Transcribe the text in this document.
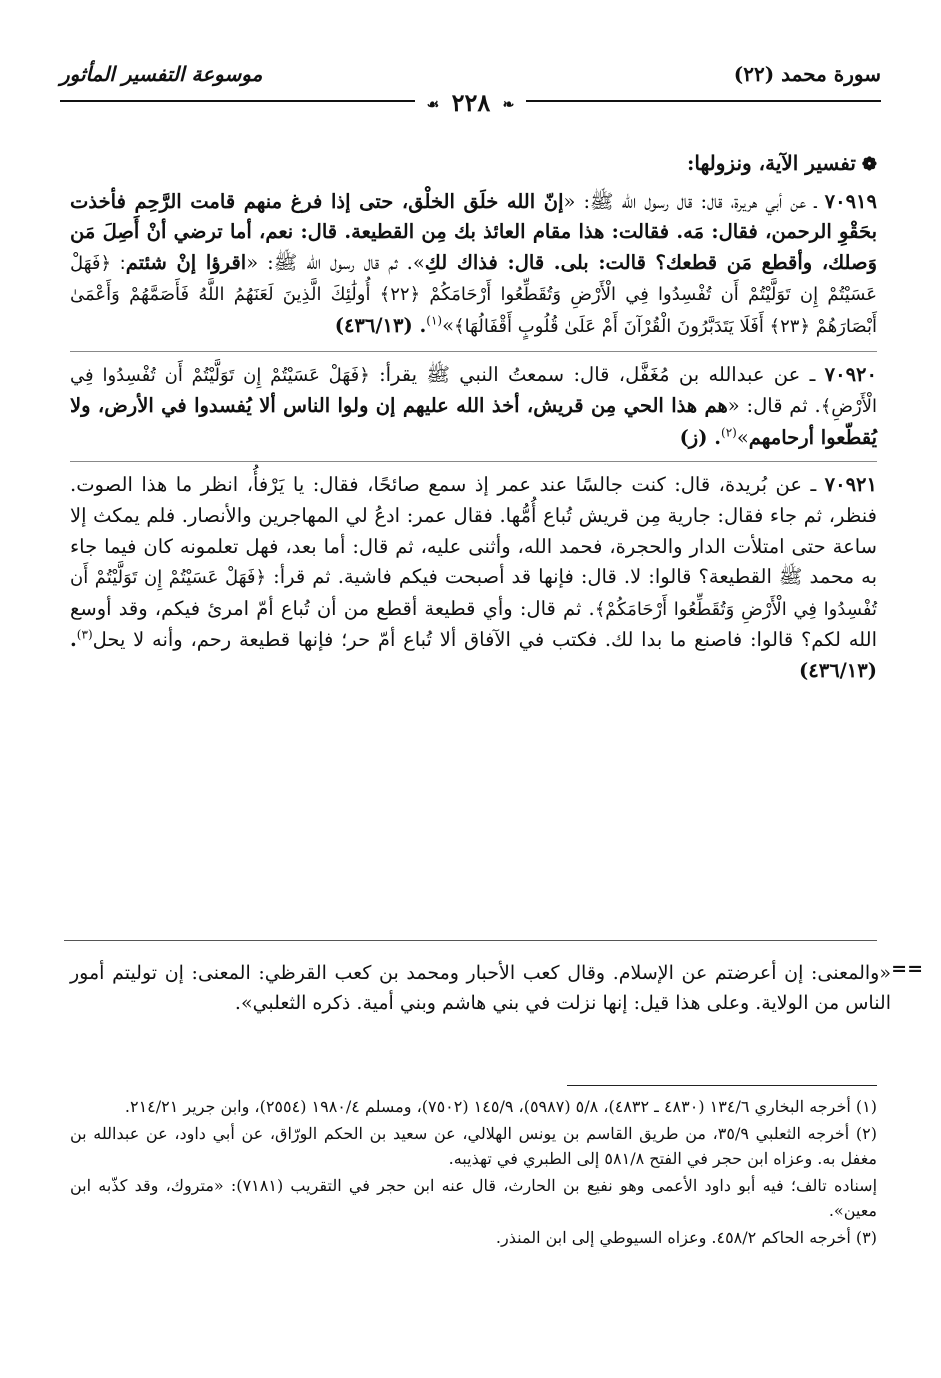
سورة محمد (٢٢)
موسوعة التفسير المأثور
❧ ٢٢٨ ☙
❁تفسير الآية، ونزولها:
٧٠٩١٩ ـ عن أبي هريرة، قال: قال رسول الله ﷺ: «إنّ الله خلَق الخلْق، حتى إذا فرغ منهم قامت الرَّحِم فأخذت بحَقْوِ الرحمن، فقال: مَه. فقالت: هذا مقام العائذ بك مِن القطيعة. قال: نعم، أما ترضي أنْ أَصِلَ مَن وَصلك، وأقطع مَن قطعك؟ قالت: بلى. قال: فذاك لكِ». ثم قال رسول الله ﷺ: «اقرؤا إنْ شئتم: ﴿فَهَلْ عَسَيْتُمْ إِن تَوَلَّيْتُمْ أَن تُفْسِدُوا فِي الْأَرْضِ وَتُقَطِّعُوا أَرْحَامَكُمْ ﴿٢٢﴾ أُولَٰئِكَ الَّذِينَ لَعَنَهُمُ اللَّهُ فَأَصَمَّهُمْ وَأَعْمَىٰ أَبْصَارَهُمْ ﴿٢٣﴾ أَفَلَا يَتَدَبَّرُونَ الْقُرْآنَ أَمْ عَلَىٰ قُلُوبٍ أَقْفَالُهَا﴾»$^{(١)}$. (٤٣٦/١٣)
٧٠٩٢٠ ـ عن عبدالله بن مُغَفَّل، قال: سمعتُ النبي ﷺ يقرأ: ﴿فَهَلْ عَسَيْتُمْ إِن تَوَلَّيْتُمْ أَن تُفْسِدُوا فِي الْأَرْضِ﴾. ثم قال: «هم هذا الحي مِن قريش، أخذ الله عليهم إن ولوا الناس ألا يُفسدوا في الأرض، ولا يُقطّعوا أرحامهم»$^{(٢)}$. (ز)
٧٠٩٢١ ـ عن بُريدة، قال: كنت جالسًا عند عمر إذ سمع صائحًا، فقال: يا يَرْفأُ، انظر ما هذا الصوت. فنظر، ثم جاء فقال: جارية مِن قريش تُباع أُمُّها. فقال عمر: ادعُ لي المهاجرين والأنصار. فلم يمكث إلا ساعة حتى امتلأت الدار والحجرة، فحمد الله، وأثنى عليه، ثم قال: أما بعد، فهل تعلمونه كان فيما جاء به محمد ﷺ القطيعة؟ قالوا: لا. قال: فإنها قد أصبحت فيكم فاشية. ثم قرأ: ﴿فَهَلْ عَسَيْتُمْ إِن تَوَلَّيْتُمْ أَن تُفْسِدُوا فِي الْأَرْضِ وَتُقَطِّعُوا أَرْحَامَكُمْ﴾. ثم قال: وأي قطيعة أقطع من أن تُباع أمّ امرئ فيكم، وقد أوسع الله لكم؟ قالوا: فاصنع ما بدا لك. فكتب في الآفاق ألا تُباع أمّ حر؛ فإنها قطيعة رحم، وأنه لا يحل$^{(٣)}$. (٤٣٦/١٣)
==
«والمعنى: إن أعرضتم عن الإسلام. وقال كعب الأحبار ومحمد بن كعب القرظي: المعنى: إن توليتم أمور الناس من الولاية. وعلى هذا قيل: إنها نزلت في بني هاشم وبني أمية. ذكره الثعلبي».
(١) أخرجه البخاري ١٣٤/٦ (٤٨٣٠ ـ ٤٨٣٢)، ٥/٨ (٥٩٨٧)، ١٤٥/٩ (٧٥٠٢)، ومسلم ١٩٨٠/٤ (٢٥٥٤)، وابن جرير ٢١٤/٢١.
(٢) أخرجه الثعلبي ٣٥/٩، من طريق القاسم بن يونس الهلالي، عن سعيد بن الحكم الورّاق، عن أبي داود، عن عبدالله بن مغفل به. وعزاه ابن حجر في الفتح ٥٨١/٨ إلى الطبري في تهذيبه.
إسناده تالف؛ فيه أبو داود الأعمى وهو نفيع بن الحارث، قال عنه ابن حجر في التقريب (٧١٨١): «متروك، وقد كذّبه ابن معين».
(٣) أخرجه الحاكم ٤٥٨/٢. وعزاه السيوطي إلى ابن المنذر.
